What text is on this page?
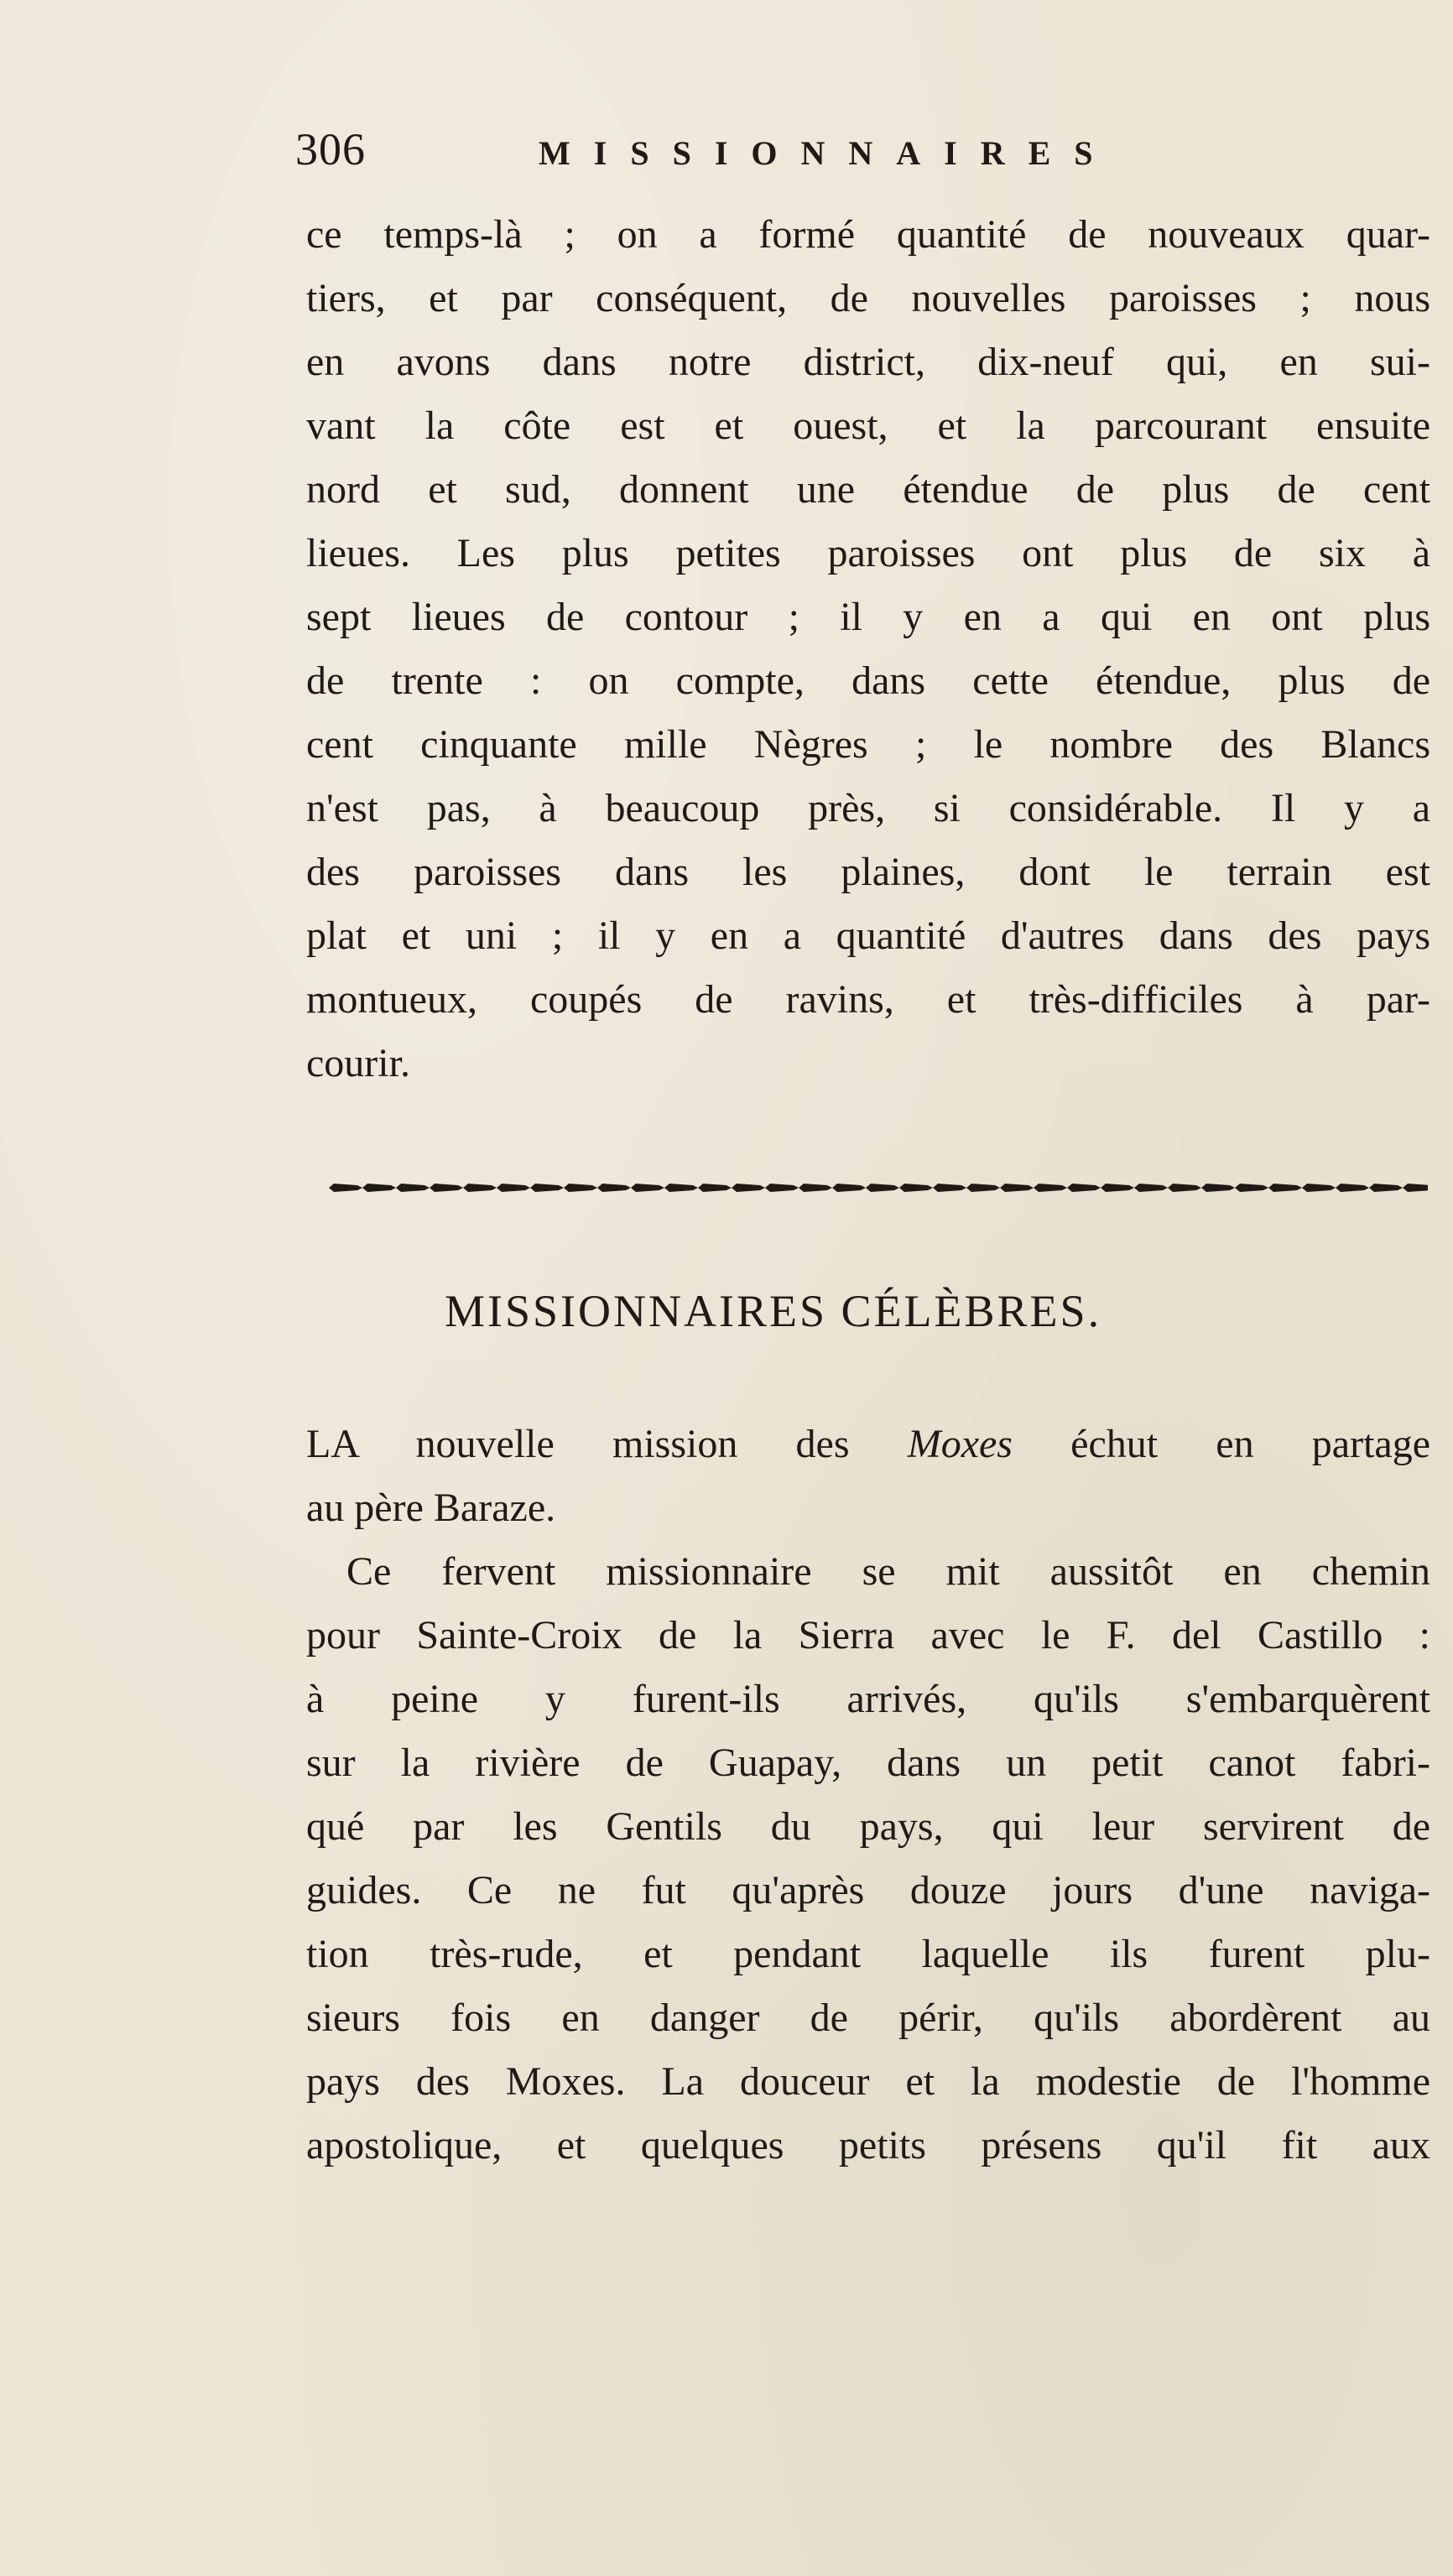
306	MISSIONNAIRES
ce temps-là ; on a formé quantité de nouveaux quar-
tiers, et par conséquent, de nouvelles paroisses ; nous
en avons dans notre district, dix-neuf qui, en sui-
vant la côte est et ouest, et la parcourant ensuite
nord et sud, donnent une étendue de plus de cent
lieues. Les plus petites paroisses ont plus de six à
sept lieues de contour ; il y en a qui en ont plus
de trente : on compte, dans cette étendue, plus de
cent cinquante mille Nègres ; le nombre des Blancs
n'est pas, à beaucoup près, si considérable. Il y a
des paroisses dans les plaines, dont le terrain est
plat et uni ; il y en a quantité d'autres dans des pays
montueux, coupés de ravins, et très-difficiles à par-
courir.
MISSIONNAIRES CÉLÈBRES.
LA nouvelle mission des Moxes échut en partage
au père Baraze.
Ce fervent missionnaire se mit aussitôt en chemin
pour Sainte-Croix de la Sierra avec le F. del Castillo :
à peine y furent-ils arrivés, qu'ils s'embarquèrent
sur la rivière de Guapay, dans un petit canot fabri-
qué par les Gentils du pays, qui leur servirent de
guides. Ce ne fut qu'après douze jours d'une naviga-
tion très-rude, et pendant laquelle ils furent plu-
sieurs fois en danger de périr, qu'ils abordèrent au
pays des Moxes. La douceur et la modestie de l'homme
apostolique, et quelques petits présens qu'il fit aux
